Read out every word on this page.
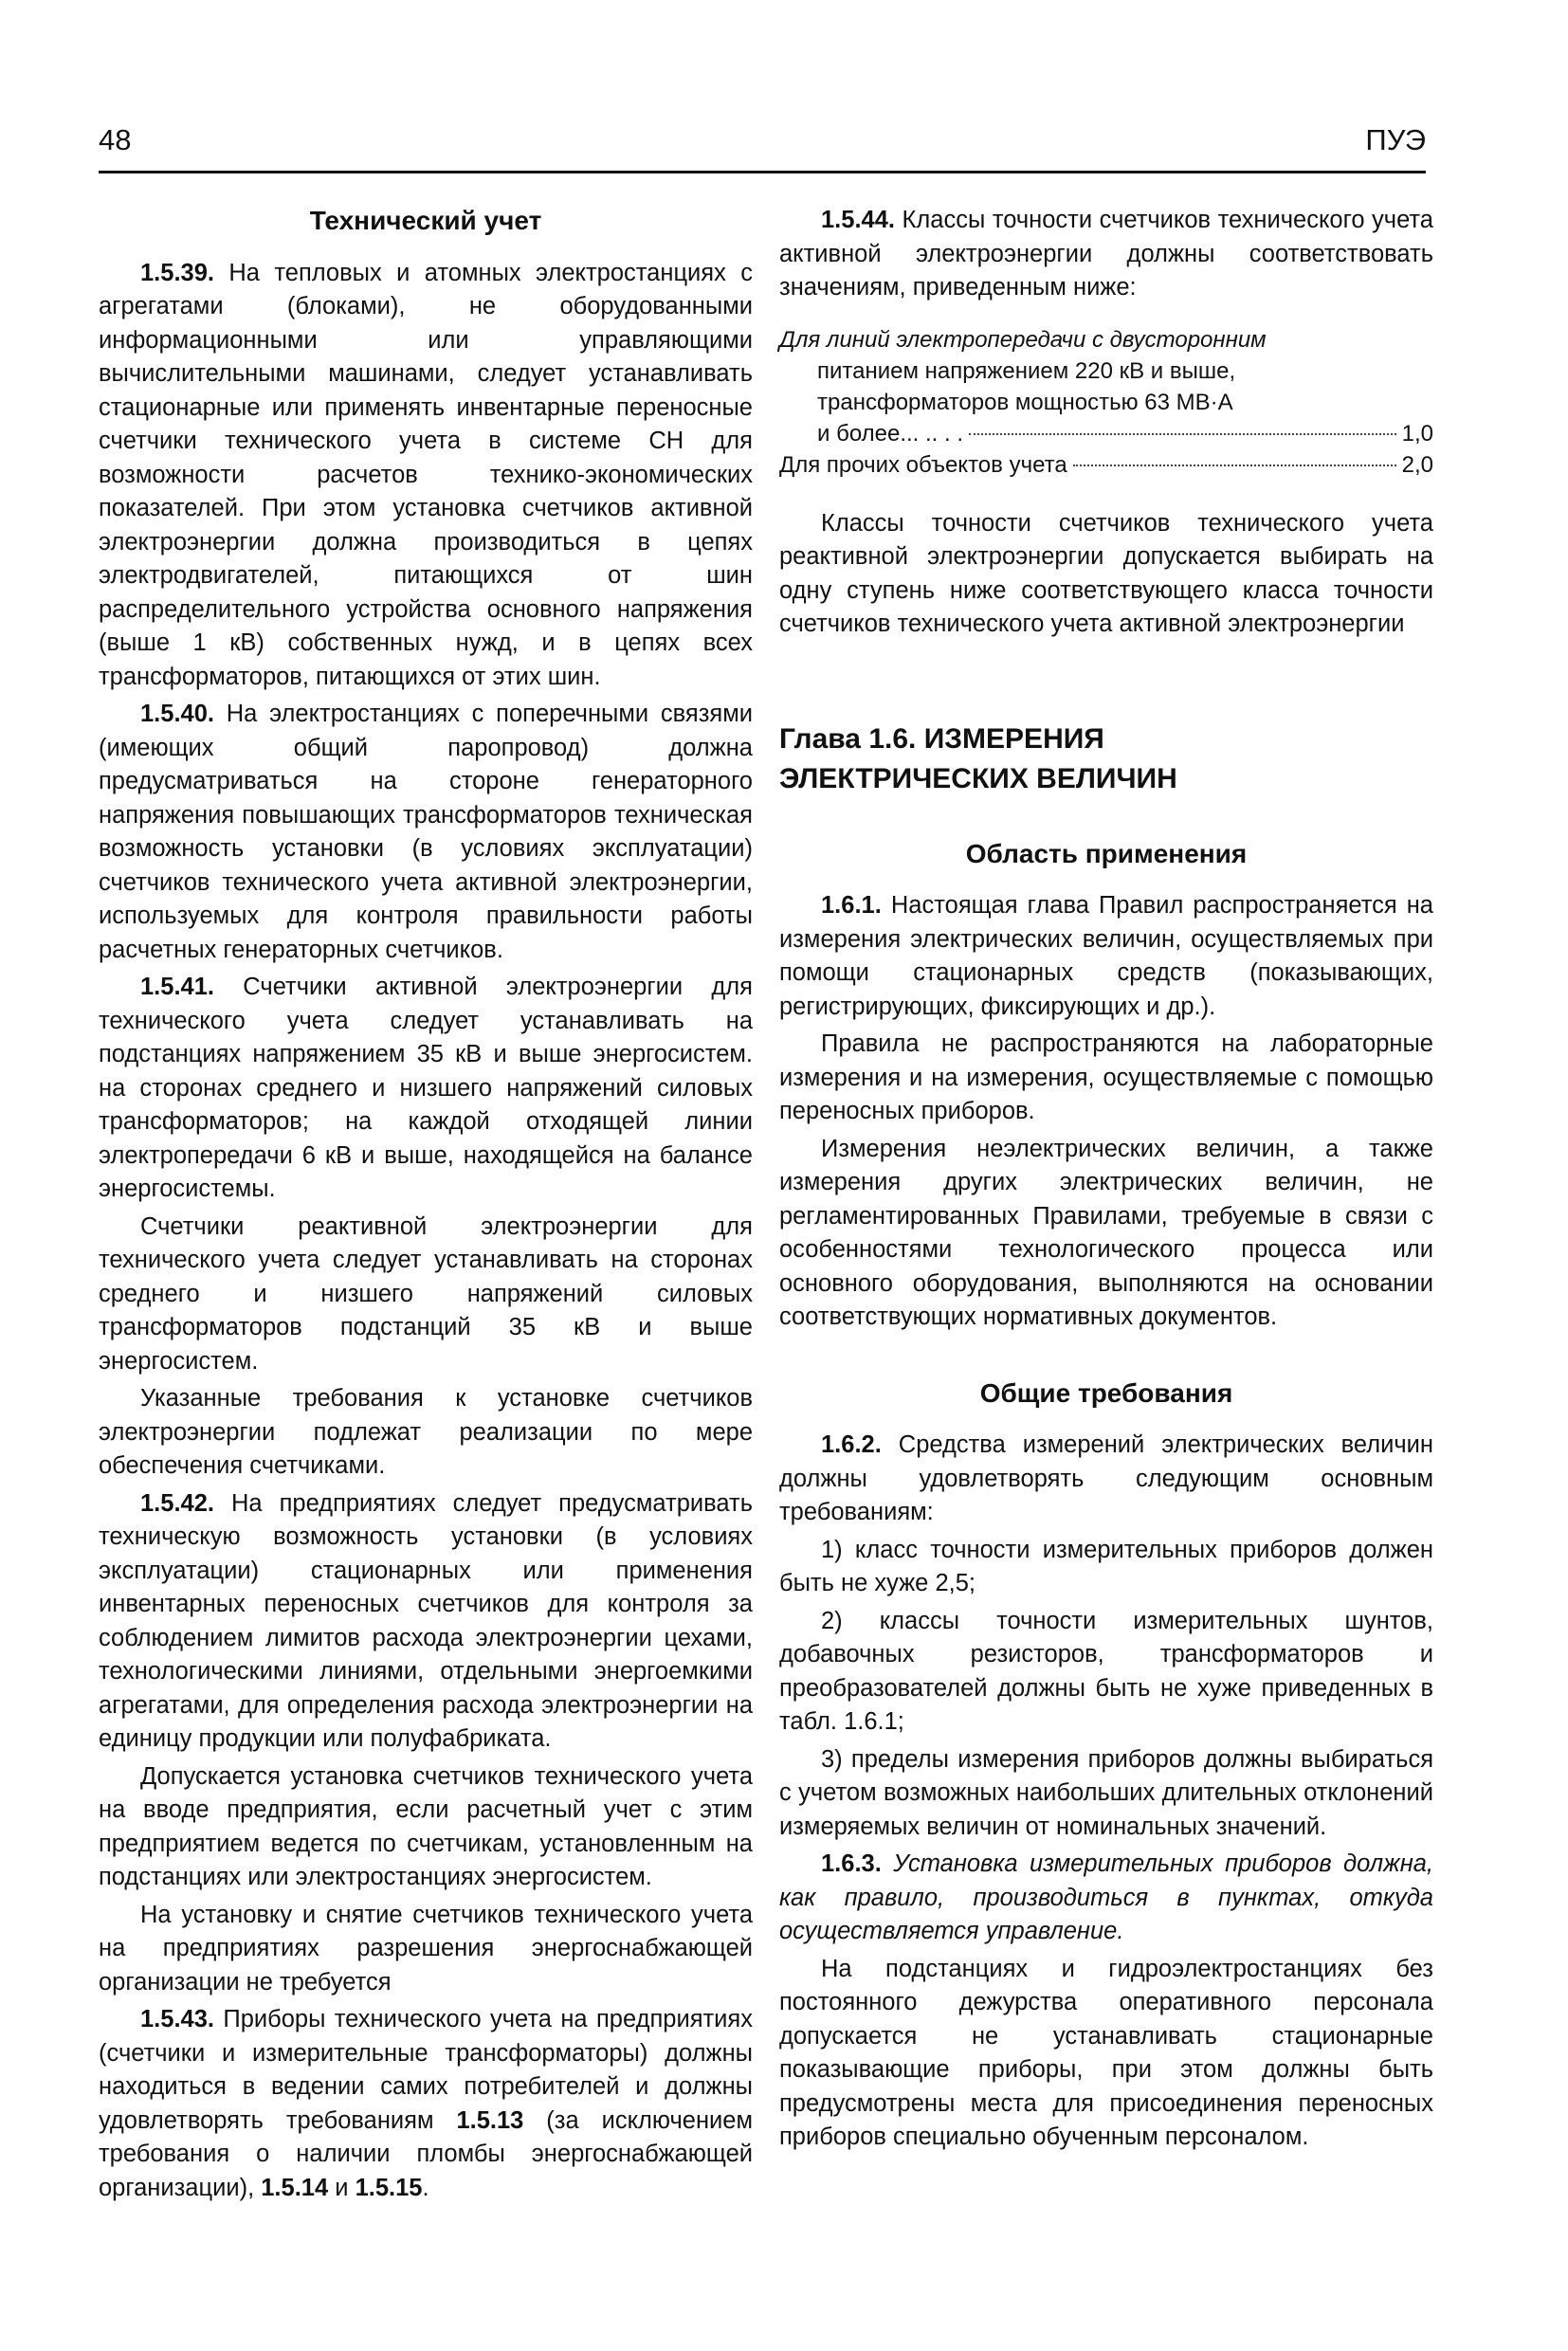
48	ПУЭ
Технический учет

1.5.39. На тепловых и атомных электростанциях с агрегатами (блоками), не оборудованными информационными или управляющими вычислительными машинами, следует устанавливать стационарные или применять инвентарные переносные счетчики технического учета в системе СН для возможности расчетов технико-экономических показателей. При этом установка счетчиков активной электроэнергии должна производиться в цепях электродвигателей, питающихся от шин распределительного устройства основного напряжения (выше 1 кВ) собственных нужд, и в цепях всех трансформаторов, питающихся от этих шин.

1.5.40. На электростанциях с поперечными связями (имеющих общий паропровод) должна предусматриваться на стороне генераторного напряжения повышающих трансформаторов техническая возможность установки (в условиях эксплуатации) счетчиков технического учета активной электроэнергии, используемых для контроля правильности работы расчетных генераторных счетчиков.

1.5.41. Счетчики активной электроэнергии для технического учета следует устанавливать на подстанциях напряжением 35 кВ и выше энергосистем. на сторонах среднего и низшего напряжений силовых трансформаторов; на каждой отходящей линии электропередачи 6 кВ и выше, находящейся на балансе энергосистемы.

Счетчики реактивной электроэнергии для технического учета следует устанавливать на сторонах среднего и низшего напряжений силовых трансформаторов подстанций 35 кВ и выше энергосистем.

Указанные требования к установке счетчиков электроэнергии подлежат реализации по мере обеспечения счетчиками.

1.5.42. На предприятиях следует предусматривать техническую возможность установки (в условиях эксплуатации) стационарных или применения инвентарных переносных счетчиков для контроля за соблюдением лимитов расхода электроэнергии цехами, технологическими линиями, отдельными энергоемкими агрегатами, для определения расхода электроэнергии на единицу продукции или полуфабриката.

Допускается установка счетчиков технического учета на вводе предприятия, если расчетный учет с этим предприятием ведется по счетчикам, установленным на подстанциях или электростанциях энергосистем.

На установку и снятие счетчиков технического учета на предприятиях разрешения энергоснабжающей организации не требуется

1.5.43. Приборы технического учета на предприятиях (счетчики и измерительные трансформаторы) должны находиться в ведении самих потребителей и должны удовлетворять требованиям 1.5.13 (за исключением требования о наличии пломбы энергоснабжающей организации), 1.5.14 и 1.5.15.

1.5.44. Классы точности счетчиков технического учета активной электроэнергии должны соответствовать значениям, приведенным ниже:

Для линий электропередачи с двусторонним
питанием напряжением 220 кВ и выше,
трансформаторов мощностью 63 МВ·А
и более... .. . .	1,0
Для прочих объектов учета	2,0

Классы точности счетчиков технического учета реактивной электроэнергии допускается выбирать на одну ступень ниже соответствующего класса точности счетчиков технического учета активной электроэнергии

Глава 1.6. ИЗМЕРЕНИЯ
ЭЛЕКТРИЧЕСКИХ ВЕЛИЧИН
Область применения

1.6.1. Настоящая глава Правил распространяется на измерения электрических величин, осуществляемых при помощи стационарных средств (показывающих, регистрирующих, фиксирующих и др.).

Правила не распространяются на лабораторные измерения и на измерения, осуществляемые с помощью переносных приборов.

Измерения неэлектрических величин, а также измерения других электрических величин, не регламентированных Правилами, требуемые в связи с особенностями технологического процесса или основного оборудования, выполняются на основании соответствующих нормативных документов.

Общие требования

1.6.2. Средства измерений электрических величин должны удовлетворять следующим основным требованиям:

1) класс точности измерительных приборов должен быть не хуже 2,5;

2) классы точности измерительных шунтов, добавочных резисторов, трансформаторов и преобразователей должны быть не хуже приведенных в табл. 1.6.1;

3) пределы измерения приборов должны выбираться с учетом возможных наибольших длительных отклонений измеряемых величин от номинальных значений.

1.6.3. Установка измерительных приборов должна, как правило, производиться в пунктах, откуда осуществляется управление.

На подстанциях и гидроэлектростанциях без постоянного дежурства оперативного персонала допускается не устанавливать стационарные показывающие приборы, при этом должны быть предусмотрены места для присоединения переносных приборов специально обученным персоналом.
